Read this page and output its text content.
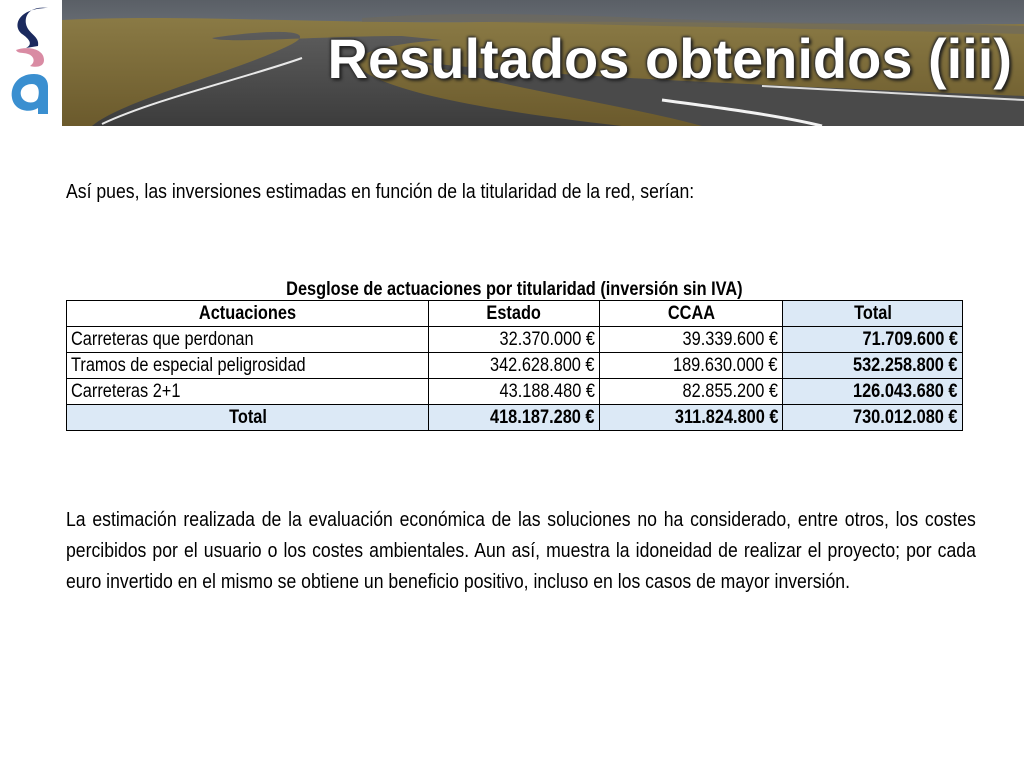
Resultados obtenidos (iii)
Así pues, las inversiones estimadas en función de la titularidad de la red, serían:
Desglose de actuaciones por titularidad (inversión sin IVA)
Actuaciones	Estado	CCAA	Total
Carreteras que perdonan	32.370.000 €	39.339.600 €	71.709.600 €
Tramos de especial peligrosidad	342.628.800 €	189.630.000 €	532.258.800 €
Carreteras 2+1	43.188.480 €	82.855.200 €	126.043.680 €
Total	418.187.280 €	311.824.800 €	730.012.080 €
La estimación realizada de la evaluación económica de las soluciones no ha considerado, entre otros, los costes percibidos por el usuario o los costes ambientales. Aun así, muestra la idoneidad de realizar el proyecto; por cada euro invertido en el mismo se obtiene un beneficio positivo, incluso en los casos de mayor inversión.
